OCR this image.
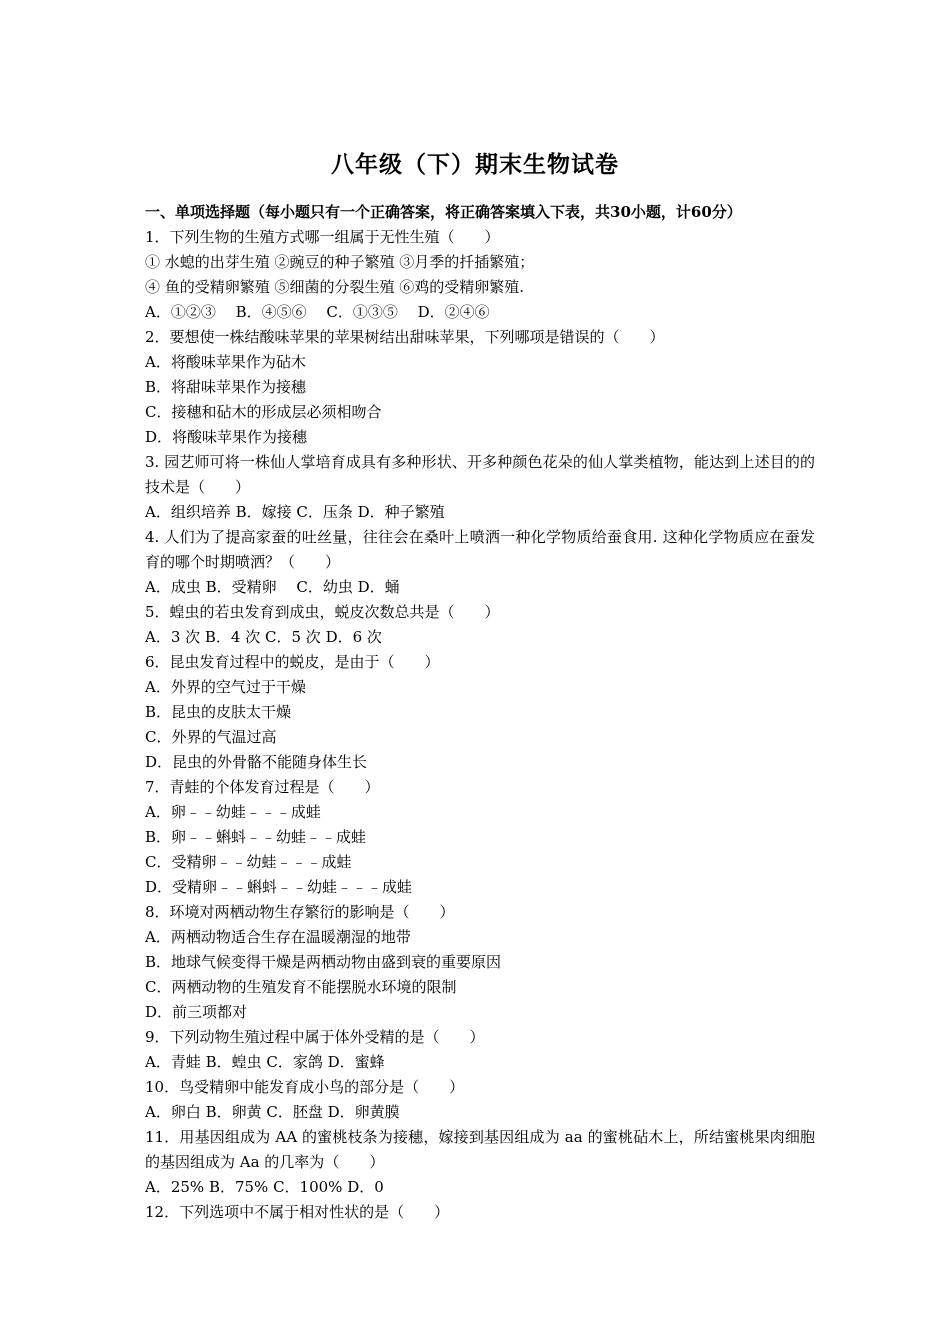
八年级（下）期末生物试卷
一、单项选择题（每小题只有一个正确答案，将正确答案填入下表，共30小题，计60分）
1．下列生物的生殖方式哪一组属于无性生殖（　　）
① 水螅的出芽生殖 ②豌豆的种子繁殖 ③月季的扦插繁殖；
④ 鱼的受精卵繁殖 ⑤细菌的分裂生殖 ⑥鸡的受精卵繁殖.
A．①②③　 B．④⑤⑥　 C．①③⑤　 D．②④⑥
2．要想使一株结酸味苹果的苹果树结出甜味苹果，下列哪项是错误的（　　）
A．将酸味苹果作为砧木
B．将甜味苹果作为接穗
C．接穗和砧木的形成层必须相吻合
D．将酸味苹果作为接穗
3. 园艺师可将一株仙人掌培育成具有多种形状、开多种颜色花朵的仙人掌类植物，能达到上述目的的技术是（　　）
A．组织培养 B．嫁接 C．压条 D．种子繁殖
4. 人们为了提高家蚕的吐丝量，往往会在桑叶上喷洒一种化学物质给蚕食用. 这种化学物质应在蚕发育的哪个时期喷洒？（　　）
A．成虫 B．受精卵　 C．幼虫 D．蛹
5．蝗虫的若虫发育到成虫，蜕皮次数总共是（　　）
A．3 次 B．4 次 C．5 次 D．6 次
6．昆虫发育过程中的蜕皮，是由于（　　）
A．外界的空气过于干燥
B．昆虫的皮肤太干燥
C．外界的气温过高
D．昆虫的外骨骼不能随身体生长
7．青蛙的个体发育过程是（　　）
A．卵﹣﹣幼蛙﹣﹣﹣成蛙
B．卵﹣﹣蝌蚪﹣﹣幼蛙﹣﹣成蛙
C．受精卵﹣﹣幼蛙﹣﹣﹣成蛙
D．受精卵﹣﹣蝌蚪﹣﹣幼蛙﹣﹣﹣成蛙
8．环境对两栖动物生存繁衍的影响是（　　）
A．两栖动物适合生存在温暖潮湿的地带
B．地球气候变得干燥是两栖动物由盛到衰的重要原因
C．两栖动物的生殖发育不能摆脱水环境的限制
D．前三项都对
9．下列动物生殖过程中属于体外受精的是（　　）
A．青蛙 B．蝗虫 C．家鸽 D．蜜蜂
10．鸟受精卵中能发育成小鸟的部分是（　　）
A．卵白 B．卵黄 C．胚盘 D．卵黄膜
11．用基因组成为 AA 的蜜桃枝条为接穗，嫁接到基因组成为 aa 的蜜桃砧木上，所结蜜桃果肉细胞的基因组成为 Aa 的几率为（　　）
A．25% B．75% C．100% D．0
12．下列选项中不属于相对性状的是（　　）
